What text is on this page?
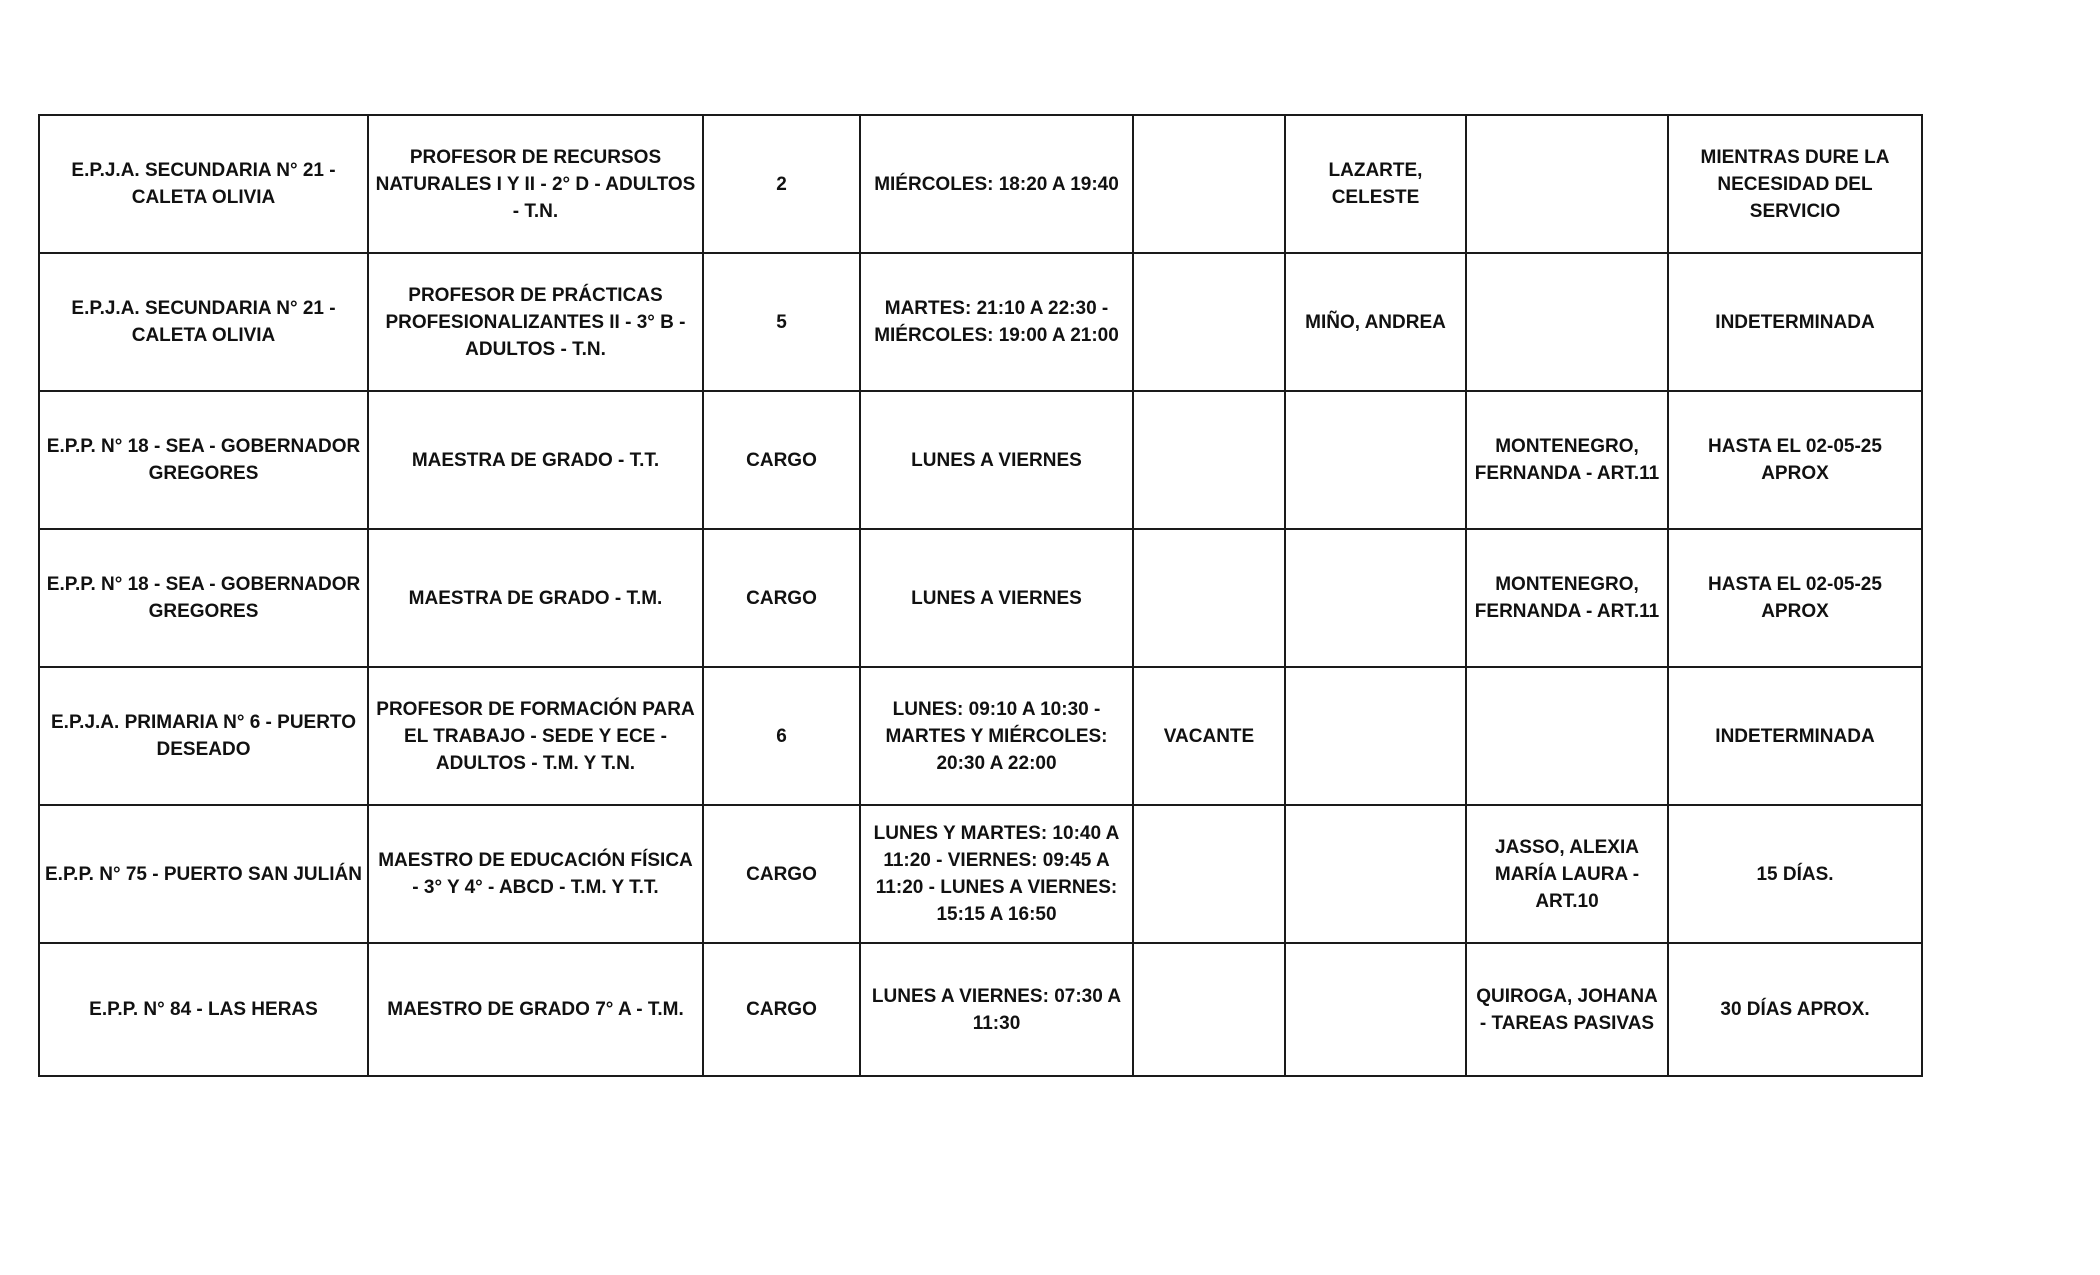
E.P.J.A. SECUNDARIA N° 21 - CALETA OLIVIA	PROFESOR DE RECURSOS NATURALES I Y II - 2° D - ADULTOS - T.N.	2	MIÉRCOLES: 18:20 A 19:40		LAZARTE, CELESTE		MIENTRAS DURE LA NECESIDAD DEL SERVICIO
E.P.J.A. SECUNDARIA N° 21 - CALETA OLIVIA	PROFESOR DE PRÁCTICAS PROFESIONALIZANTES II - 3° B - ADULTOS - T.N.	5	MARTES: 21:10 A 22:30 - MIÉRCOLES: 19:00 A 21:00		MIÑO, ANDREA		INDETERMINADA
E.P.P. N° 18 - SEA - GOBERNADOR GREGORES	MAESTRA DE GRADO - T.T.	CARGO	LUNES A VIERNES			MONTENEGRO, FERNANDA - ART.11	HASTA EL 02-05-25 APROX
E.P.P. N° 18 - SEA - GOBERNADOR GREGORES	MAESTRA DE GRADO - T.M.	CARGO	LUNES A VIERNES			MONTENEGRO, FERNANDA - ART.11	HASTA EL 02-05-25 APROX
E.P.J.A. PRIMARIA N° 6 - PUERTO DESEADO	PROFESOR DE FORMACIÓN PARA EL TRABAJO - SEDE Y ECE - ADULTOS - T.M. Y T.N.	6	LUNES: 09:10 A 10:30 - MARTES Y MIÉRCOLES: 20:30 A 22:00	VACANTE			INDETERMINADA
E.P.P. N° 75 - PUERTO SAN JULIÁN	MAESTRO DE EDUCACIÓN FÍSICA - 3° Y 4° - ABCD - T.M. Y T.T.	CARGO	LUNES Y MARTES: 10:40 A 11:20 - VIERNES: 09:45 A 11:20 - LUNES A VIERNES: 15:15 A 16:50			JASSO, ALEXIA MARÍA LAURA - ART.10	15 DÍAS.
E.P.P. N° 84 - LAS HERAS	MAESTRO DE GRADO 7° A - T.M.	CARGO	LUNES A VIERNES: 07:30 A 11:30			QUIROGA, JOHANA - TAREAS PASIVAS	30 DÍAS APROX.
